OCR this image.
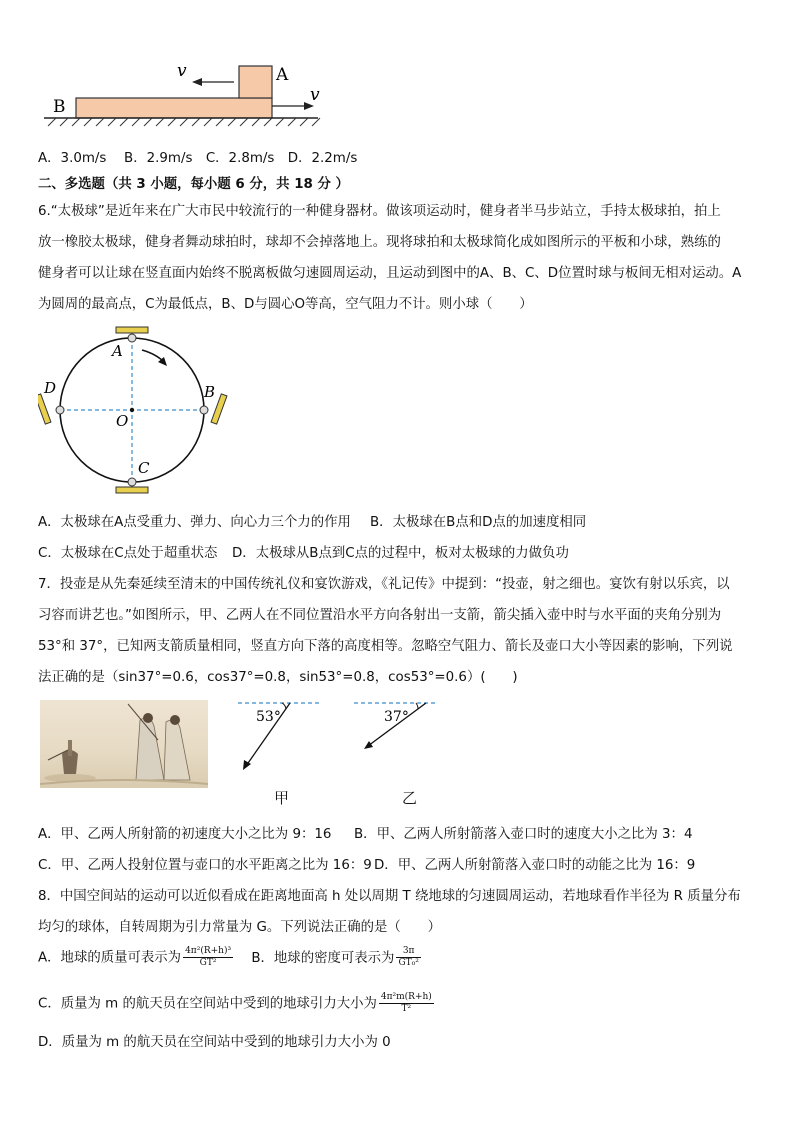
v	A
v
B
A．3.0m/s　 B．2.9m/s　C．2.8m/s　D．2.2m/s
二、多选题（共 3 小题，每小题 6 分，共 18 分 ）
6.“太极球”是近年来在广大市民中较流行的一种健身器材。做该项运动时，健身者半马步站立，手持太极球拍，拍上
放一橡胶太极球，健身者舞动球拍时，球却不会掉落地上。现将球拍和太极球简化成如图所示的平板和小球，熟练的
健身者可以让球在竖直面内始终不脱离板做匀速圆周运动，且运动到图中的A、B、C、D位置时球与板间无相对运动。A
为圆周的最高点，C为最低点，B、D与圆心O等高，空气阻力不计。则小球（　　）
A
B
C
D
O
A．太极球在A点受重力、弹力、向心力三个力的作用 B．太极球在B点和D点的加速度相同
C．太极球在C点处于超重状态 D．太极球从B点到C点的过程中，板对太极球的力做负功
7．投壶是从先秦延续至清末的中国传统礼仪和宴饮游戏，《礼记传》中提到：“投壶，射之细也。宴饮有射以乐宾，以
习容而讲艺也。”如图所示，甲、乙两人在不同位置沿水平方向各射出一支箭，箭尖插入壶中时与水平面的夹角分别为
53°和 37°，已知两支箭质量相同，竖直方向下落的高度相等。忽略空气阻力、箭长及壶口大小等因素的影响，下列说
法正确的是（sin37°=0.6，cos37°=0.8，sin53°=0.8，cos53°=0.6）(　　)
53°	37°
甲	乙
A．甲、乙两人所射箭的初速度大小之比为 9：16 B．甲、乙两人所射箭落入壶口时的速度大小之比为 3：4
C．甲、乙两人投射位置与壶口的水平距离之比为 16：9 D．甲、乙两人所射箭落入壶口时的动能之比为 16：9
8．中国空间站的运动可以近似看成在距离地面高 h 处以周期 T 绕地球的匀速圆周运动，若地球看作半径为 R 质量分布
均匀的球体，自转周期为引力常量为 G。下列说法正确的是（　　）
A．地球的质量可表示为 $\frac{\text{4π²(R+h)³}}{\text{GT²}}$ B．地球的密度可表示为 $\frac{3\pi}{\text{GT₀²}}$
C．质量为 m 的航天员在空间站中受到的地球引力大小为 $\frac{\text{4π²m(R+h)}}{\text{T²}}$
D．质量为 m 的航天员在空间站中受到的地球引力大小为 0
